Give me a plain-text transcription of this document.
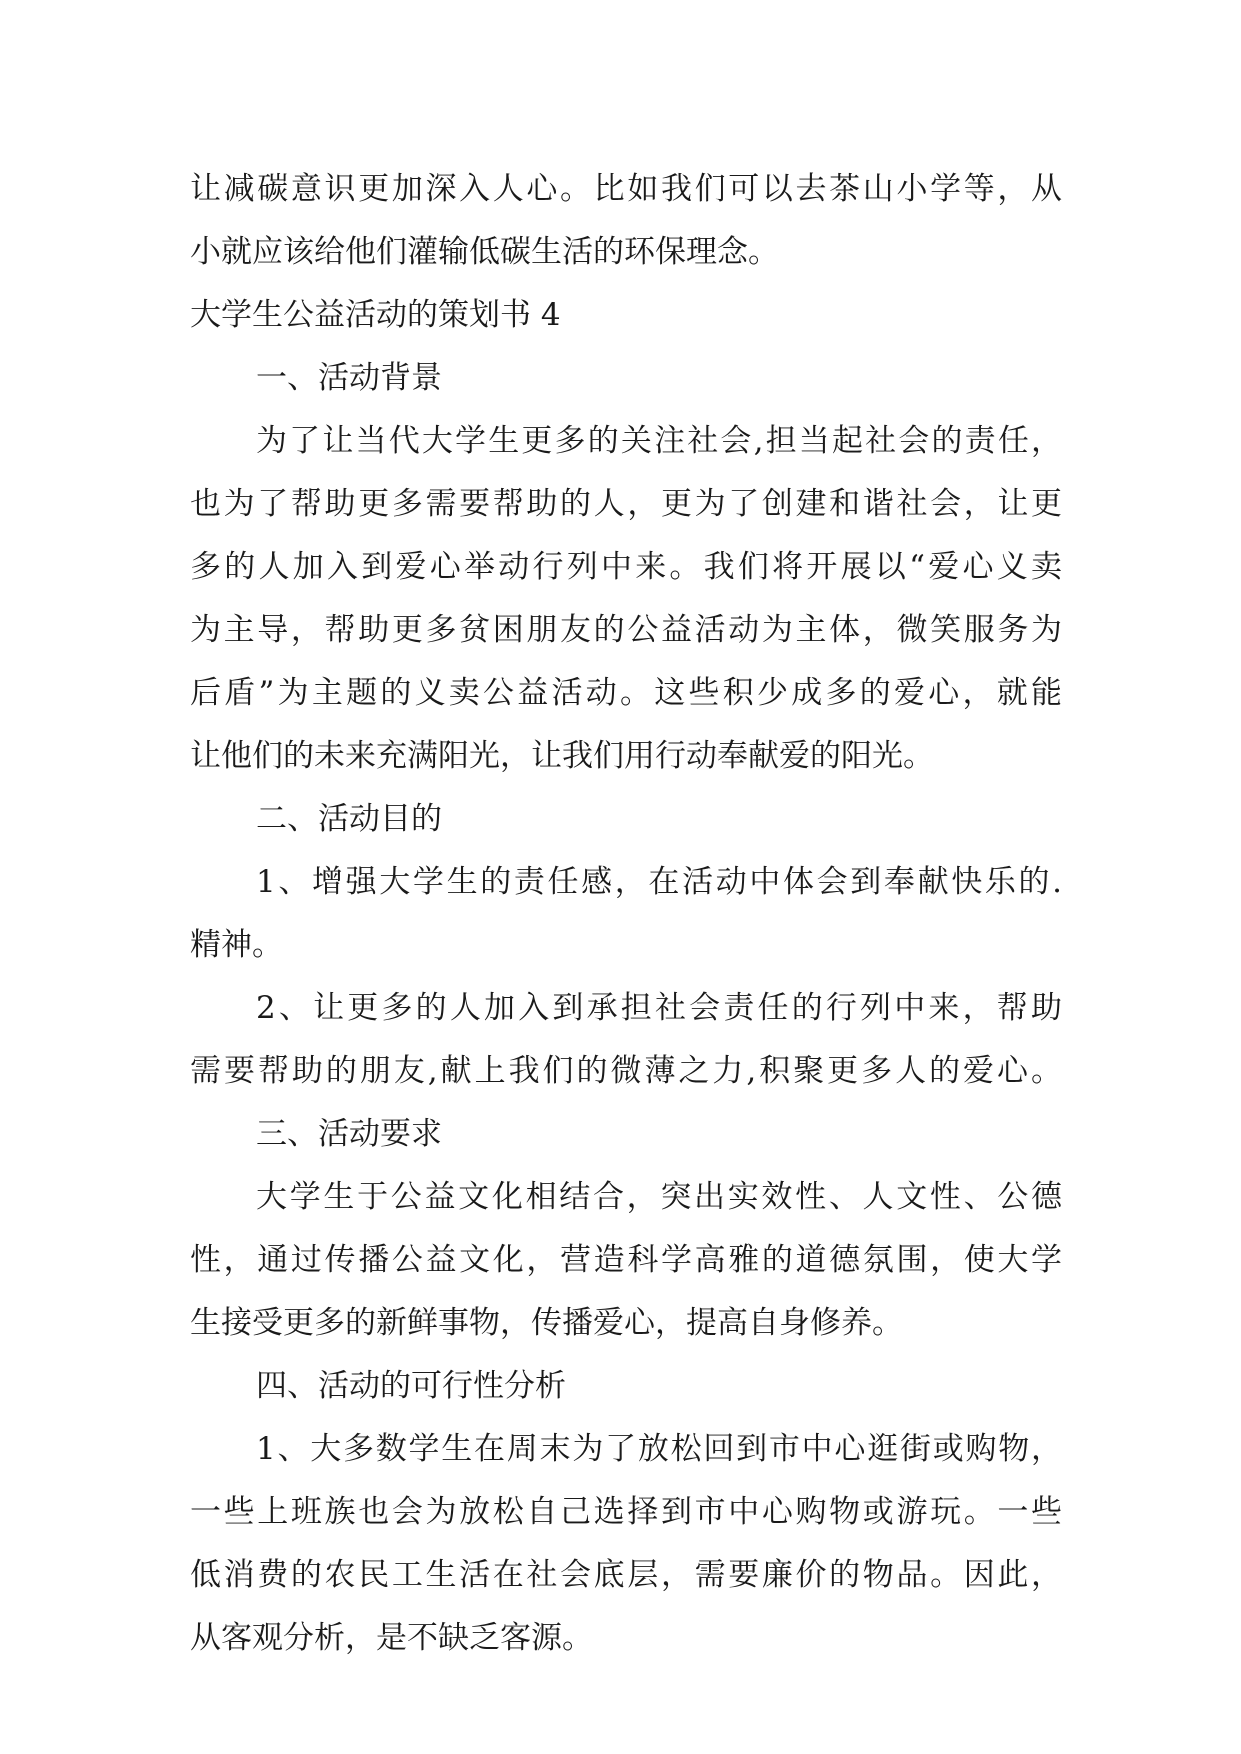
让减碳意识更加深入人心。比如我们可以去茶山小学等，从
小就应该给他们灌输低碳生活的环保理念。
大学生公益活动的策划书 4
一、活动背景
为了让当代大学生更多的关注社会,担当起社会的责任，
也为了帮助更多需要帮助的人，更为了创建和谐社会，让更
多的人加入到爱心举动行列中来。我们将开展以“爱心义卖
为主导，帮助更多贫困朋友的公益活动为主体，微笑服务为
后盾”为主题的义卖公益活动。这些积少成多的爱心，就能
让他们的未来充满阳光，让我们用行动奉献爱的阳光。
二、活动目的
1、增强大学生的责任感，在活动中体会到奉献快乐的.
精神。
2、让更多的人加入到承担社会责任的行列中来，帮助
需要帮助的朋友,献上我们的微薄之力,积聚更多人的爱心。
三、活动要求
大学生于公益文化相结合，突出实效性、人文性、公德
性，通过传播公益文化，营造科学高雅的道德氛围，使大学
生接受更多的新鲜事物，传播爱心，提高自身修养。
四、活动的可行性分析
1、大多数学生在周末为了放松回到市中心逛街或购物，
一些上班族也会为放松自己选择到市中心购物或游玩。一些
低消费的农民工生活在社会底层，需要廉价的物品。因此，
从客观分析，是不缺乏客源。
